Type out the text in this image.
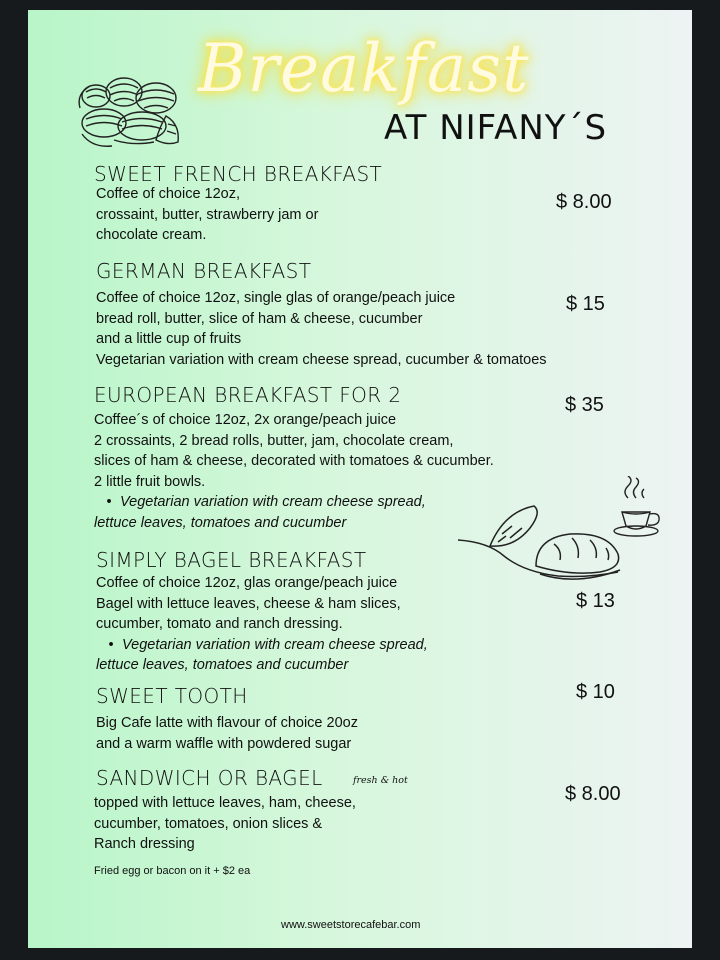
Breakfast
AT NIFANY´S
SWEET FRENCH BREAKFAST
Coffee of choice 12oz,
crossaint, butter, strawberry jam or
chocolate cream.
$ 8.00
GERMAN BREAKFAST
Coffee of choice 12oz, single glas of orange/peach juice
bread roll, butter, slice of ham & cheese, cucumber
and a little cup of fruits
Vegetarian variation with cream cheese spread, cucumber & tomatoes
$ 15
EUROPEAN BREAKFAST FOR 2
Coffee´s of choice 12oz, 2x orange/peach juice
2 crossaints, 2 bread rolls, butter, jam, chocolate cream,
slices of ham & cheese, decorated with tomatoes & cucumber.
2 little fruit bowls.
• Vegetarian variation with cream cheese spread,
lettuce leaves, tomatoes and cucumber
$ 35
SIMPLY BAGEL BREAKFAST
Coffee of choice 12oz, glas orange/peach juice
Bagel with lettuce leaves, cheese & ham slices,
cucumber, tomato and ranch dressing.
• Vegetarian variation with cream cheese spread,
lettuce leaves, tomatoes and cucumber
$ 13
SWEET TOOTH
Big Cafe latte with flavour of choice 20oz
and a warm waffle with powdered sugar
$ 10
SANDWICH OR BAGEL	fresh & hot
topped with lettuce leaves, ham, cheese,
cucumber, tomatoes, onion slices &
Ranch dressing
$ 8.00
Fried egg or bacon on it + $2 ea
www.sweetstorecafebar.com
